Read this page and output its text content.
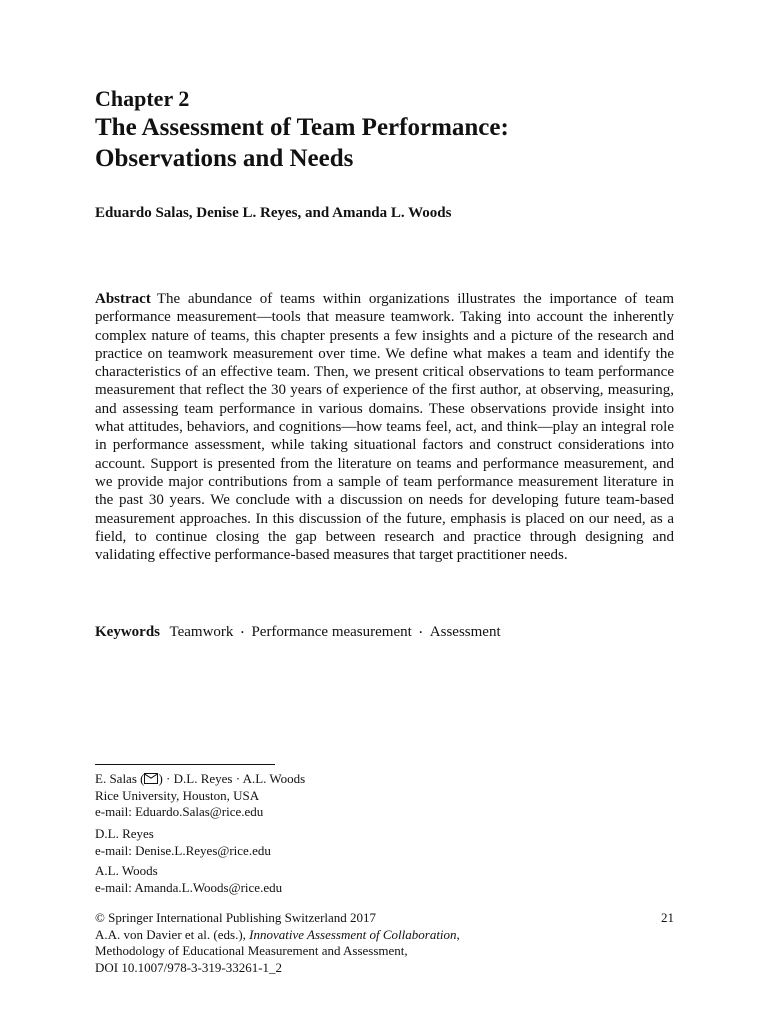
Chapter 2
The Assessment of Team Performance:
Observations and Needs
Eduardo Salas, Denise L. Reyes, and Amanda L. Woods
Abstract The abundance of teams within organizations illustrates the importance of team performance measurement—tools that measure teamwork. Taking into account the inherently complex nature of teams, this chapter presents a few insights and a picture of the research and practice on teamwork measurement over time. We define what makes a team and identify the characteristics of an effective team. Then, we present critical observations to team performance measurement that reflect the 30 years of experience of the first author, at observing, measuring, and assessing team performance in various domains. These observations provide insight into what attitudes, behaviors, and cognitions—how teams feel, act, and think—play an integral role in performance assessment, while taking situational factors and construct considerations into account. Support is presented from the literature on teams and performance measurement, and we provide major contributions from a sample of team performance measurement literature in the past 30 years. We conclude with a discussion on needs for developing future team-based measurement approaches. In this discussion of the future, emphasis is placed on our need, as a field, to continue closing the gap between research and practice through designing and validating effective performance-based measures that target practitioner needs.
Keywords Teamwork · Performance measurement · Assessment
E. Salas ( ) · D.L. Reyes · A.L. Woods
Rice University, Houston, USA
e-mail: Eduardo.Salas@rice.edu
D.L. Reyes
e-mail: Denise.L.Reyes@rice.edu
A.L. Woods
e-mail: Amanda.L.Woods@rice.edu
© Springer International Publishing Switzerland 2017
A.A. von Davier et al. (eds.), Innovative Assessment of Collaboration,
Methodology of Educational Measurement and Assessment,
DOI 10.1007/978-3-319-33261-1_2
21
